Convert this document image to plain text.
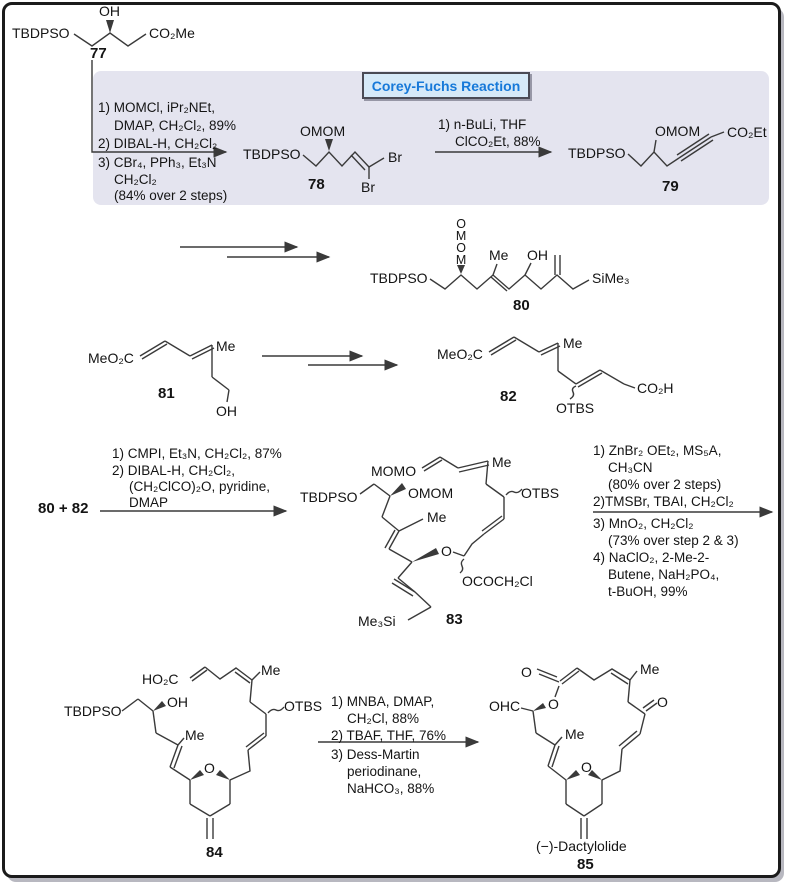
Corey-Fuchs Reaction
OH
TBDPSO	CO₂Me
77
1) MOMCl, iPr₂NEt,
DMAP, CH₂Cl₂, 89%
2) DIBAL-H, CH₂Cl₂
3) CBr₄, PPh₃, Et₃N
CH₂Cl₂
(84% over 2 steps)
OMOM
TBDPSO	Br
Br
78
1) n-BuLi, THF
ClCO₂Et, 88%
OMOM CO₂Et
TBDPSO
79
OMOM Me OH
TBDPSO	SiMe₃
80
MeO₂C
Me
OH
81
MeO₂C
Me
OTBS
CO₂H
82
80 + 82
1) CMPI, Et₃N, CH₂Cl₂, 87%
2) DIBAL-H, CH₂Cl₂,
(CH₂ClCO)₂O, pyridine,
DMAP
MOMO
Me
OMOM
TBDPSO	OTBS
Me
O
OCOCH₂Cl
Me₃Si	83
1) ZnBr₂ OEt₂, MS₅A,
CH₃CN
(80% over 2 steps)
2)TMSBr, TBAI, CH₂Cl₂
3) MnO₂, CH₂Cl₂
(73% over step 2 & 3)
4) NaClO₂, 2-Me-2-
Butene, NaH₂PO₄,
t-BuOH, 99%
HO₂C
Me
TBDPSO
OH	OTBS
Me
O
84
1) MNBA, DMAP,
CH₂Cl, 88%
2) TBAF, THF, 76%
3) Dess-Martin
periodinane,
NaHCO₃, 88%
O	Me
OHC O	O
Me
O
(−)-Dactylolide
85
